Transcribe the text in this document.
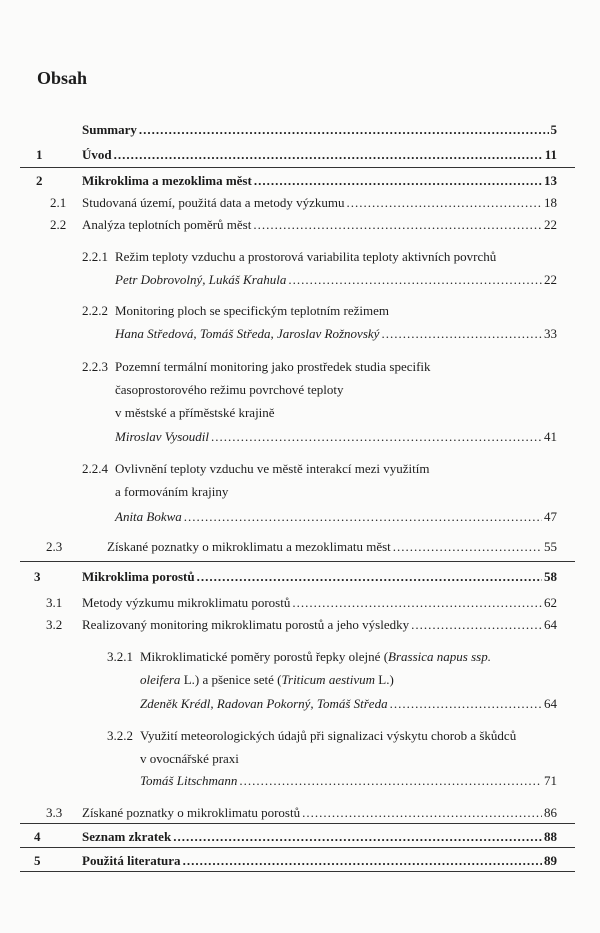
Obsah
Summary .....	5
1	Úvod .....	11
2	Mikroklima a mezoklima měst .....	13
2.1 Studovaná území, použitá data a metody výzkumu .....	18
2.2 Analýza teplotních poměrů měst .....	22
2.2.1 Režim teploty vzduchu a prostorová variabilita teploty aktivních povrchů
Petr Dobrovolný, Lukáš Krahula .....	22
2.2.2 Monitoring ploch se specifickým teplotním režimem
Hana Středová, Tomáš Středa, Jaroslav Rožnovský .....	33
2.2.3 Pozemní termální monitoring jako prostředek studia specifik
časoprostorového režimu povrchové teploty
v městské a příměstské krajině
Miroslav Vysoudil .....	41
2.2.4 Ovlivnění teploty vzduchu ve městě interakcí mezi využitím
a formováním krajiny
Anita Bokwa .....	47
2.3	Získané poznatky o mikroklimatu a mezoklimatu měst .....	55
3	Mikroklima porostů .....	58
3.1 Metody výzkumu mikroklimatu porostů .....	62
3.2 Realizovaný monitoring mikroklimatu porostů a jeho výsledky .....	64
3.2.1 Mikroklimatické poměry porostů řepky olejné (Brassica napus ssp.
oleifera L.) a pšenice seté (Triticum aestivum L.)
Zdeněk Krédl, Radovan Pokorný, Tomáš Středa .....	64
3.2.2 Využití meteorologických údajů při signalizaci výskytu chorob a škůdců
v ovocnářské praxi
Tomáš Litschmann .....	71
3.3 Získané poznatky o mikroklimatu porostů .....	86
4	Seznam zkratek .....	88
5	Použitá literatura .....	89
